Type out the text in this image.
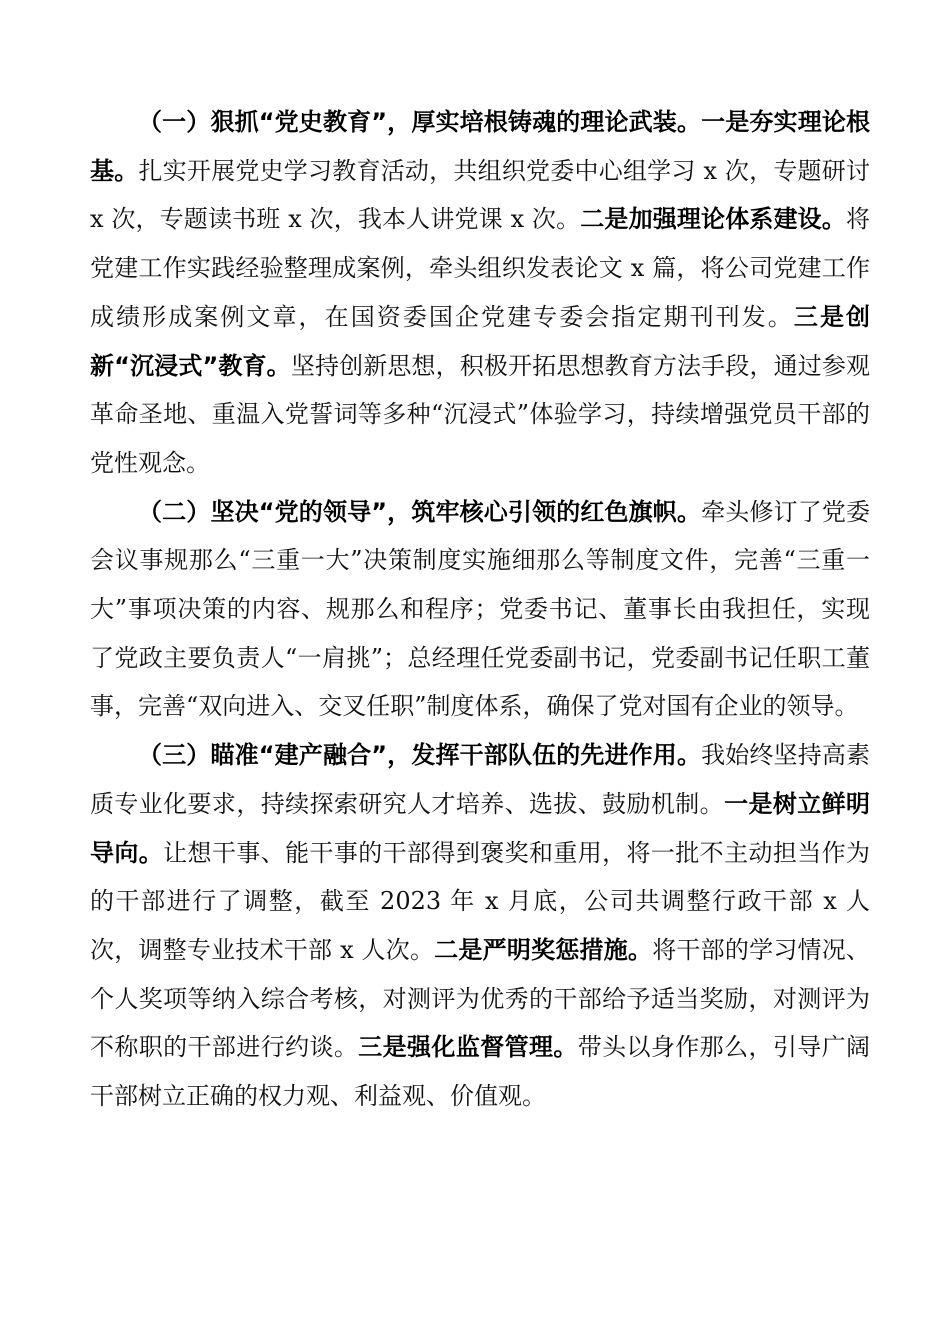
（一）狠抓“党史教育”，厚实培根铸魂的理论武装。一是夯实理论根基。扎实开展党史学习教育活动，共组织党委中心组学习 x 次，专题研讨 x 次，专题读书班 x 次，我本人讲党课 x 次。二是加强理论体系建设。将党建工作实践经验整理成案例，牵头组织发表论文 x 篇，将公司党建工作成绩形成案例文章，在国资委国企党建专委会指定期刊刊发。三是创新“沉浸式”教育。坚持创新思想，积极开拓思想教育方法手段，通过参观革命圣地、重温入党誓词等多种“沉浸式”体验学习，持续增强党员干部的党性观念。

（二）坚决“党的领导”，筑牢核心引领的红色旗帜。牵头修订了党委会议事规那么“三重一大”决策制度实施细那么等制度文件，完善“三重一大”事项决策的内容、规那么和程序；党委书记、董事长由我担任，实现了党政主要负责人“一肩挑”；总经理任党委副书记，党委副书记任职工董事，完善“双向进入、交叉任职”制度体系，确保了党对国有企业的领导。

（三）瞄准“建产融合”，发挥干部队伍的先进作用。我始终坚持高素质专业化要求，持续探索研究人才培养、选拔、鼓励机制。一是树立鲜明导向。让想干事、能干事的干部得到褒奖和重用，将一批不主动担当作为的干部进行了调整，截至 2023 年 x 月底，公司共调整行政干部 x 人次，调整专业技术干部 x 人次。二是严明奖惩措施。将干部的学习情况、个人奖项等纳入综合考核，对测评为优秀的干部给予适当奖励，对测评为不称职的干部进行约谈。三是强化监督管理。带头以身作那么，引导广阔干部树立正确的权力观、利益观、价值观。
